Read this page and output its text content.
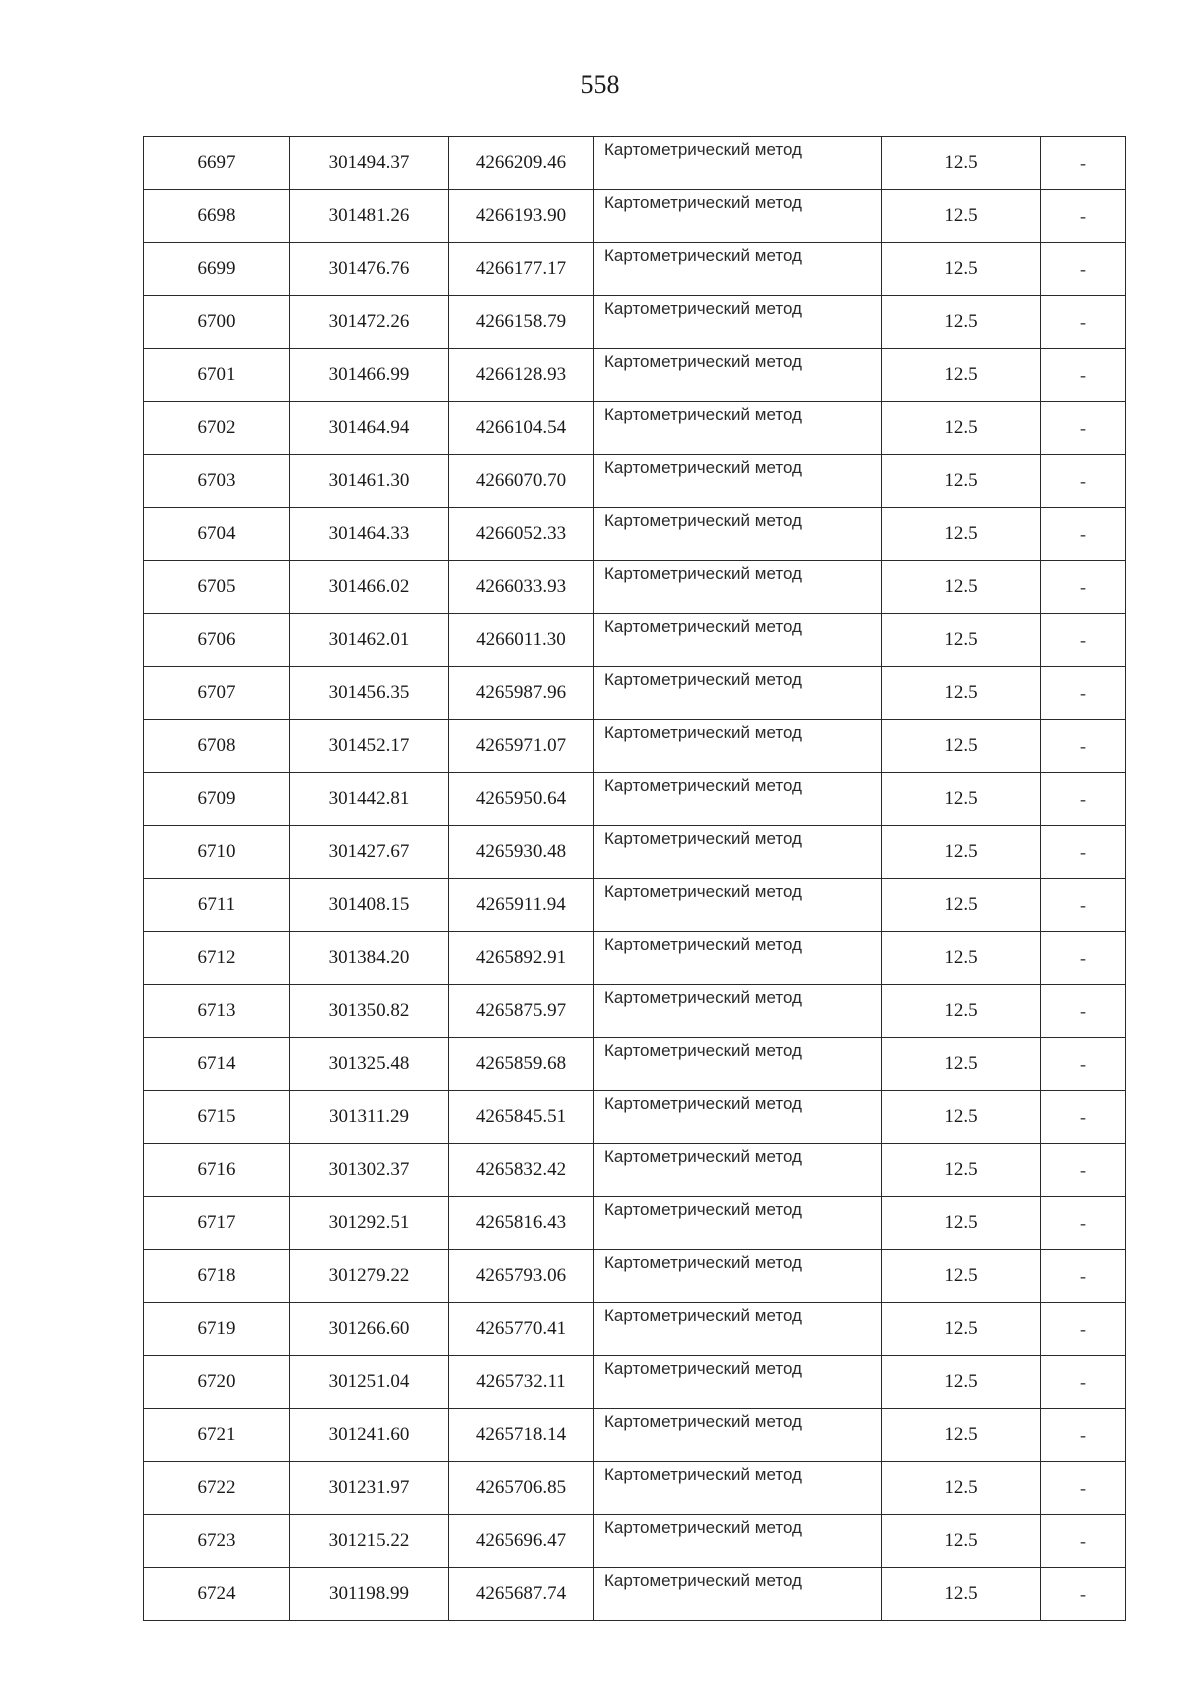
558
6697	301494.37	4266209.46	Картометрический метод	12.5	-
6698	301481.26	4266193.90	Картометрический метод	12.5	-
6699	301476.76	4266177.17	Картометрический метод	12.5	-
6700	301472.26	4266158.79	Картометрический метод	12.5	-
6701	301466.99	4266128.93	Картометрический метод	12.5	-
6702	301464.94	4266104.54	Картометрический метод	12.5	-
6703	301461.30	4266070.70	Картометрический метод	12.5	-
6704	301464.33	4266052.33	Картометрический метод	12.5	-
6705	301466.02	4266033.93	Картометрический метод	12.5	-
6706	301462.01	4266011.30	Картометрический метод	12.5	-
6707	301456.35	4265987.96	Картометрический метод	12.5	-
6708	301452.17	4265971.07	Картометрический метод	12.5	-
6709	301442.81	4265950.64	Картометрический метод	12.5	-
6710	301427.67	4265930.48	Картометрический метод	12.5	-
6711	301408.15	4265911.94	Картометрический метод	12.5	-
6712	301384.20	4265892.91	Картометрический метод	12.5	-
6713	301350.82	4265875.97	Картометрический метод	12.5	-
6714	301325.48	4265859.68	Картометрический метод	12.5	-
6715	301311.29	4265845.51	Картометрический метод	12.5	-
6716	301302.37	4265832.42	Картометрический метод	12.5	-
6717	301292.51	4265816.43	Картометрический метод	12.5	-
6718	301279.22	4265793.06	Картометрический метод	12.5	-
6719	301266.60	4265770.41	Картометрический метод	12.5	-
6720	301251.04	4265732.11	Картометрический метод	12.5	-
6721	301241.60	4265718.14	Картометрический метод	12.5	-
6722	301231.97	4265706.85	Картометрический метод	12.5	-
6723	301215.22	4265696.47	Картометрический метод	12.5	-
6724	301198.99	4265687.74	Картометрический метод	12.5	-
